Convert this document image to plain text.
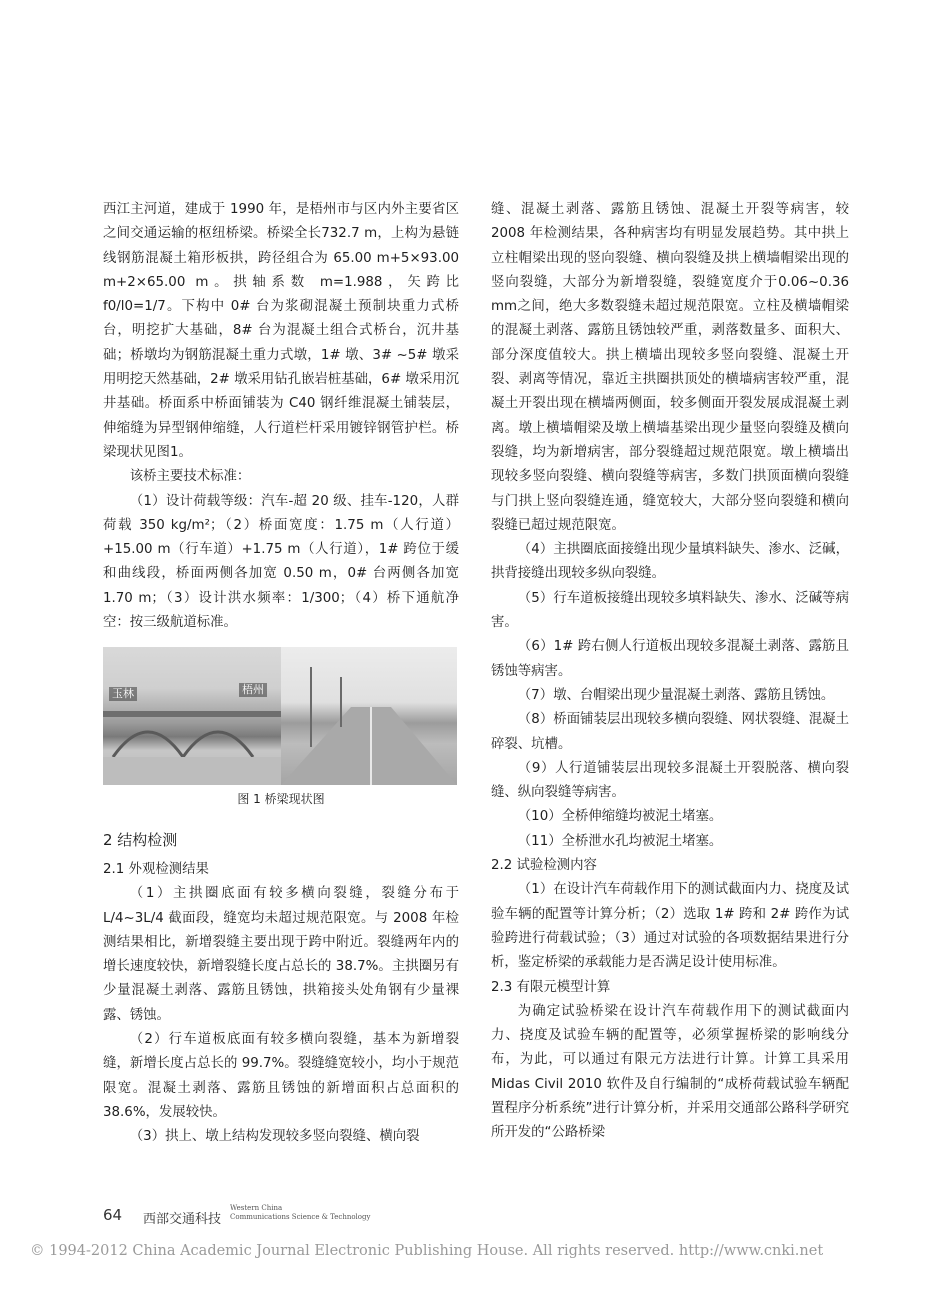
西江主河道，建成于 1990 年，是梧州市与区内外主要省区之间交通运输的枢纽桥梁。桥梁全长732.7 m，上构为悬链线钢筋混凝土箱形板拱，跨径组合为 65.00 m+5×93.00 m+2×65.00 m。拱轴系数 m=1.988，矢跨比 f0/l0=1/7。下构中 0# 台为浆砌混凝土预制块重力式桥台，明挖扩大基础，8# 台为混凝土组合式桥台，沉井基础；桥墩均为钢筋混凝土重力式墩，1# 墩、3# ~5# 墩采用明挖天然基础，2# 墩采用钻孔嵌岩桩基础，6# 墩采用沉井基础。桥面系中桥面铺装为 C40 钢纤维混凝土铺装层，伸缩缝为异型钢伸缩缝，人行道栏杆采用镀锌钢管护栏。桥梁现状见图1。

该桥主要技术标准：

（1）设计荷载等级：汽车-超 20 级、挂车-120，人群荷载 350 kg/m²；（2）桥面宽度：1.75 m（人行道）+15.00 m（行车道）+1.75 m（人行道），1# 跨位于缓和曲线段，桥面两侧各加宽 0.50 m，0# 台两侧各加宽 1.70 m；（3）设计洪水频率：1/300；（4）桥下通航净空：按三级航道标准。

玉林	梧州
图 1 桥梁现状图
2 结构检测
2.1 外观检测结果

（1）主拱圈底面有较多横向裂缝，裂缝分布于 L/4~3L/4 截面段，缝宽均未超过规范限宽。与 2008 年检测结果相比，新增裂缝主要出现于跨中附近。裂缝两年内的增长速度较快，新增裂缝长度占总长的 38.7%。主拱圈另有少量混凝土剥落、露筋且锈蚀，拱箱接头处角钢有少量裸露、锈蚀。

（2）行车道板底面有较多横向裂缝，基本为新增裂缝，新增长度占总长的 99.7%。裂缝缝宽较小，均小于规范限宽。混凝土剥落、露筋且锈蚀的新增面积占总面积的 38.6%，发展较快。

（3）拱上、墩上结构发现较多竖向裂缝、横向裂

缝、混凝土剥落、露筋且锈蚀、混凝土开裂等病害，较 2008 年检测结果，各种病害均有明显发展趋势。其中拱上立柱帽梁出现的竖向裂缝、横向裂缝及拱上横墙帽梁出现的竖向裂缝，大部分为新增裂缝，裂缝宽度介于0.06~0.36 mm之间，绝大多数裂缝未超过规范限宽。立柱及横墙帽梁的混凝土剥落、露筋且锈蚀较严重，剥落数量多、面积大、部分深度值较大。拱上横墙出现较多竖向裂缝、混凝土开裂、剥离等情况，靠近主拱圈拱顶处的横墙病害较严重，混凝土开裂出现在横墙两侧面，较多侧面开裂发展成混凝土剥离。墩上横墙帽梁及墩上横墙基梁出现少量竖向裂缝及横向裂缝，均为新增病害，部分裂缝超过规范限宽。墩上横墙出现较多竖向裂缝、横向裂缝等病害，多数门拱顶面横向裂缝与门拱上竖向裂缝连通，缝宽较大，大部分竖向裂缝和横向裂缝已超过规范限宽。

（4）主拱圈底面接缝出现少量填料缺失、渗水、泛碱，拱背接缝出现较多纵向裂缝。

（5）行车道板接缝出现较多填料缺失、渗水、泛碱等病害。

（6）1# 跨右侧人行道板出现较多混凝土剥落、露筋且锈蚀等病害。

（7）墩、台帽梁出现少量混凝土剥落、露筋且锈蚀。

（8）桥面铺装层出现较多横向裂缝、网状裂缝、混凝土碎裂、坑槽。

（9）人行道铺装层出现较多混凝土开裂脱落、横向裂缝、纵向裂缝等病害。

（10）全桥伸缩缝均被泥土堵塞。

（11）全桥泄水孔均被泥土堵塞。

2.2 试验检测内容

（1）在设计汽车荷载作用下的测试截面内力、挠度及试验车辆的配置等计算分析；（2）选取 1# 跨和 2# 跨作为试验跨进行荷载试验；（3）通过对试验的各项数据结果进行分析，鉴定桥梁的承载能力是否满足设计使用标准。

2.3 有限元模型计算

为确定试验桥梁在设计汽车荷载作用下的测试截面内力、挠度及试验车辆的配置等，必须掌握桥梁的影响线分布，为此，可以通过有限元方法进行计算。计算工具采用 Midas Civil 2010 软件及自行编制的“成桥荷载试验车辆配置程序分析系统”进行计算分析，并采用交通部公路科学研究所开发的“公路桥梁

64 西部交通科技
Western China
Communications Science & Technology
© 1994-2012 China Academic Journal Electronic Publishing House. All rights reserved. http://www.cnki.net
